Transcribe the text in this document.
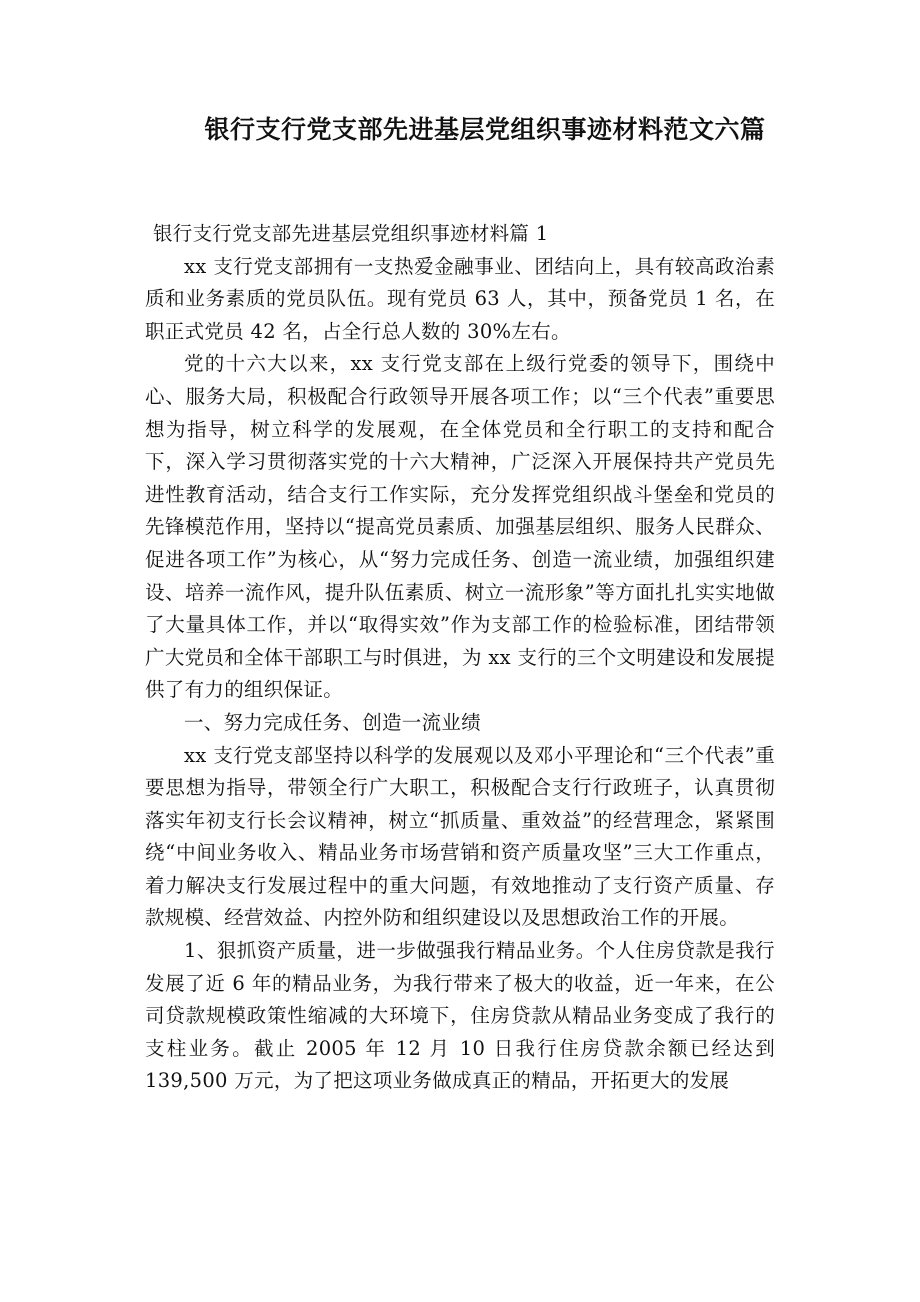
银行支行党支部先进基层党组织事迹材料范文六篇

银行支行党支部先进基层党组织事迹材料篇 1

xx 支行党支部拥有一支热爱金融事业、团结向上，具有较高政治素质和业务素质的党员队伍。现有党员 63 人，其中，预备党员 1 名，在职正式党员 42 名，占全行总人数的 30%左右。

党的十六大以来，xx 支行党支部在上级行党委的领导下，围绕中心、服务大局，积极配合行政领导开展各项工作；以“三个代表”重要思想为指导，树立科学的发展观，在全体党员和全行职工的支持和配合下，深入学习贯彻落实党的十六大精神，广泛深入开展保持共产党员先进性教育活动，结合支行工作实际，充分发挥党组织战斗堡垒和党员的先锋模范作用，坚持以“提高党员素质、加强基层组织、服务人民群众、促进各项工作”为核心，从“努力完成任务、创造一流业绩，加强组织建设、培养一流作风，提升队伍素质、树立一流形象”等方面扎扎实实地做了大量具体工作，并以“取得实效”作为支部工作的检验标准，团结带领广大党员和全体干部职工与时俱进，为 xx 支行的三个文明建设和发展提供了有力的组织保证。

一、努力完成任务、创造一流业绩

xx 支行党支部坚持以科学的发展观以及邓小平理论和“三个代表”重要思想为指导，带领全行广大职工，积极配合支行行政班子，认真贯彻落实年初支行长会议精神，树立“抓质量、重效益”的经营理念，紧紧围绕“中间业务收入、精品业务市场营销和资产质量攻坚”三大工作重点，着力解决支行发展过程中的重大问题，有效地推动了支行资产质量、存款规模、经营效益、内控外防和组织建设以及思想政治工作的开展。

1、狠抓资产质量，进一步做强我行精品业务。个人住房贷款是我行发展了近 6 年的精品业务，为我行带来了极大的收益，近一年来，在公司贷款规模政策性缩减的大环境下，住房贷款从精品业务变成了我行的支柱业务。截止 2005 年 12 月 10 日我行住房贷款余额已经达到 139,500 万元，为了把这项业务做成真正的精品，开拓更大的发展
